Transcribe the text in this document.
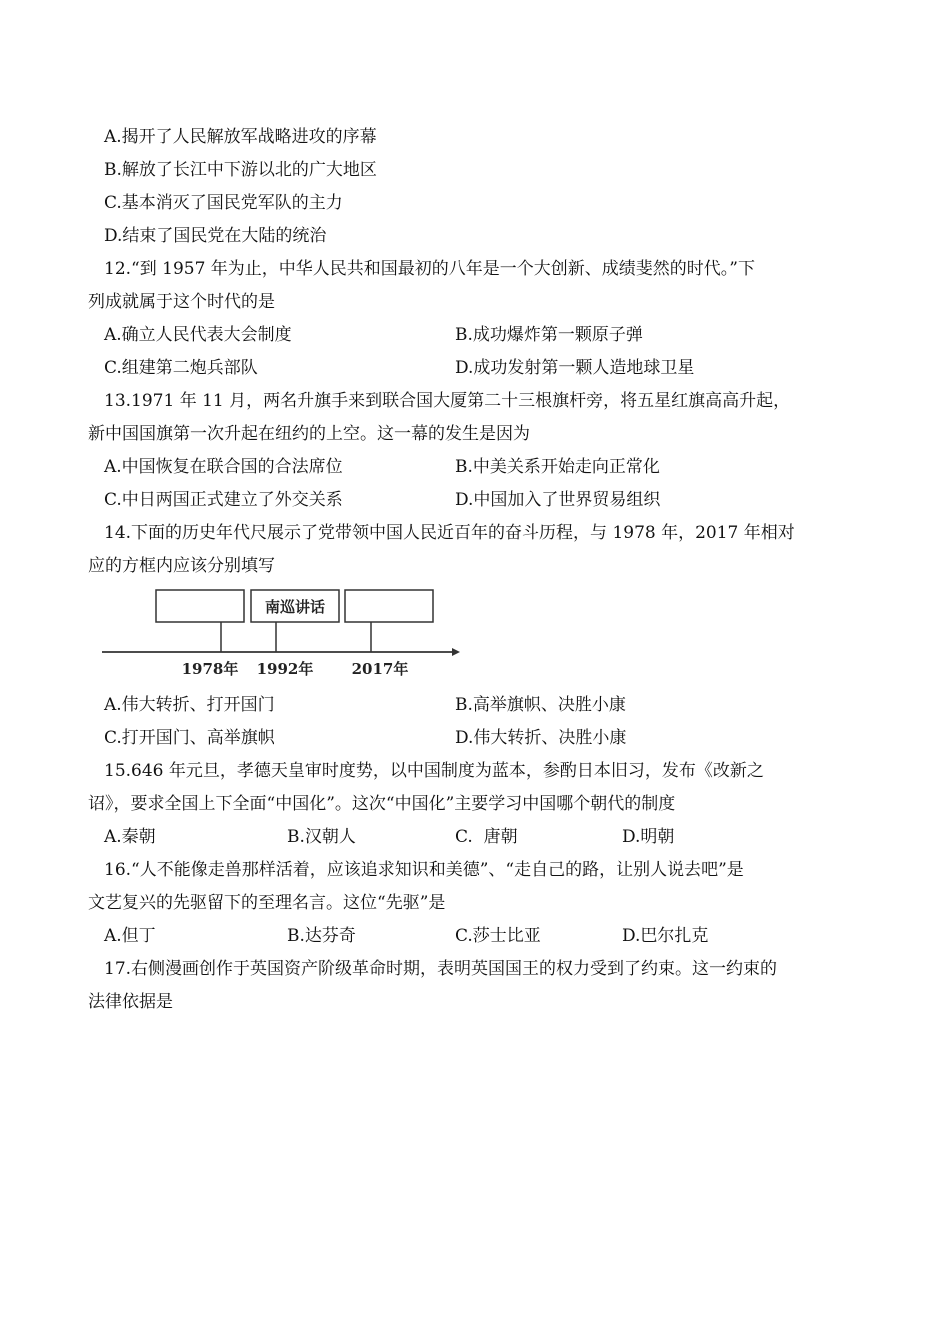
A.揭开了人民解放军战略进攻的序幕
B.解放了长江中下游以北的广大地区
C.基本消灭了国民党军队的主力
D.结束了国民党在大陆的统治
12.“到 1957 年为止，中华人民共和国最初的八年是一个大创新、成绩斐然的时代。”下
列成就属于这个时代的是
A.确立人民代表大会制度	B.成功爆炸第一颗原子弹
C.组建第二炮兵部队	D.成功发射第一颗人造地球卫星
13.1971 年 11 月，两名升旗手来到联合国大厦第二十三根旗杆旁，将五星红旗高高升起，
新中国国旗第一次升起在纽约的上空。这一幕的发生是因为
A.中国恢复在联合国的合法席位	B.中美关系开始走向正常化
C.中日两国正式建立了外交关系	D.中国加入了世界贸易组织
14.下面的历史年代尺展示了党带领中国人民近百年的奋斗历程，与 1978 年，2017 年相对
应的方框内应该分别填写
南巡讲话
1978年 1992年	2017年
A.伟大转折、打开国门	B.高举旗帜、决胜小康
C.打开国门、高举旗帜	D.伟大转折、决胜小康
15.646 年元旦，孝德天皇审时度势，以中国制度为蓝本，参酌日本旧习，发布《改新之
诏》，要求全国上下全面“中国化”。这次“中国化”主要学习中国哪个朝代的制度
A.秦朝	B.汉朝人	C.  唐朝	D.明朝
16.“人不能像走兽那样活着，应该追求知识和美德”、“走自己的路，让别人说去吧”是
文艺复兴的先驱留下的至理名言。这位“先驱”是
A.但丁	B.达芬奇	C.莎士比亚	D.巴尔扎克
17.右侧漫画创作于英国资产阶级革命时期，表明英国国王的权力受到了约束。这一约束的
法律依据是
